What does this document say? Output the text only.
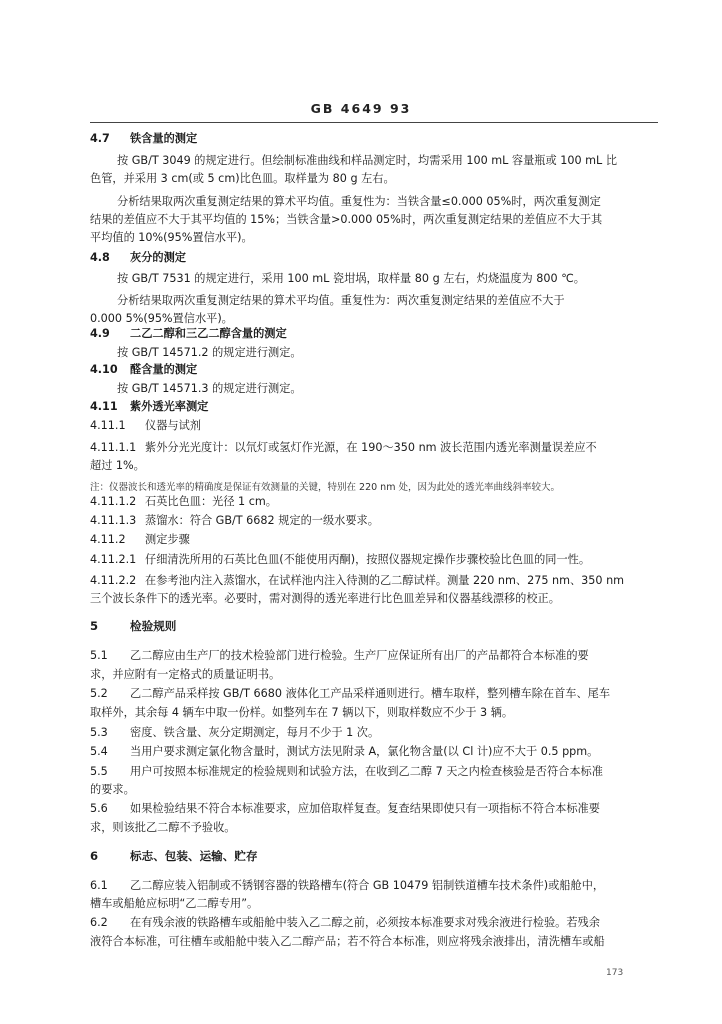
GB 4649 93
4.7 铁含量的测定
按 GB/T 3049 的规定进行。但绘制标准曲线和样品测定时，均需采用 100 mL 容量瓶或 100 mL 比
色管，并采用 3 cm(或 5 cm)比色皿。取样量为 80 g 左右。
分析结果取两次重复测定结果的算术平均值。重复性为：当铁含量≤0.000 05%时，两次重复测定
结果的差值应不大于其平均值的 15%；当铁含量>0.000 05%时，两次重复测定结果的差值应不大于其
平均值的 10%(95%置信水平)。
4.8 灰分的测定
按 GB/T 7531 的规定进行，采用 100 mL 瓷坩埚，取样量 80 g 左右，灼烧温度为 800 ℃。
分析结果取两次重复测定结果的算术平均值。重复性为：两次重复测定结果的差值应不大于
0.000 5%(95%置信水平)。
4.9 二乙二醇和三乙二醇含量的测定
按 GB/T 14571.2 的规定进行测定。
4.10 醛含量的测定
按 GB/T 14571.3 的规定进行测定。
4.11 紫外透光率测定
4.11.1 仪器与试剂
4.11.1.1 紫外分光光度计：以氘灯或氢灯作光源，在 190～350 nm 波长范围内透光率测量误差应不
超过 1%。
注：仪器波长和透光率的精确度是保证有效测量的关键，特别在 220 nm 处，因为此处的透光率曲线斜率较大。
4.11.1.2 石英比色皿：光径 1 cm。
4.11.1.3 蒸馏水：符合 GB/T 6682 规定的一级水要求。
4.11.2 测定步骤
4.11.2.1 仔细清洗所用的石英比色皿(不能使用丙酮)，按照仪器规定操作步骤校验比色皿的同一性。
4.11.2.2 在参考池内注入蒸馏水，在试样池内注入待测的乙二醇试样。测量 220 nm、275 nm、350 nm
三个波长条件下的透光率。必要时，需对测得的透光率进行比色皿差异和仪器基线漂移的校正。
5	检验规则
5.1 乙二醇应由生产厂的技术检验部门进行检验。生产厂应保证所有出厂的产品都符合本标准的要
求，并应附有一定格式的质量证明书。
5.2 乙二醇产品采样按 GB/T 6680 液体化工产品采样通则进行。槽车取样，整列槽车除在首车、尾车
取样外，其余每 4 辆车中取一份样。如整列车在 7 辆以下，则取样数应不少于 3 辆。
5.3 密度、铁含量、灰分定期测定，每月不少于 1 次。
5.4 当用户要求测定氯化物含量时，测试方法见附录 A，氯化物含量(以 Cl 计)应不大于 0.5 ppm。
5.5 用户可按照本标准规定的检验规则和试验方法，在收到乙二醇 7 天之内检查核验是否符合本标准
的要求。
5.6 如果检验结果不符合本标准要求，应加倍取样复查。复查结果即使只有一项指标不符合本标准要
求，则该批乙二醇不予验收。
6	标志、包装、运输、贮存
6.1 乙二醇应装入铝制或不锈钢容器的铁路槽车(符合 GB 10479 铝制铁道槽车技术条件)或船舱中，
槽车或船舱应标明“乙二醇专用”。
6.2 在有残余液的铁路槽车或船舱中装入乙二醇之前，必须按本标准要求对残余液进行检验。若残余
液符合本标准，可往槽车或船舱中装入乙二醇产品；若不符合本标准，则应将残余液排出，清洗槽车或船
173
